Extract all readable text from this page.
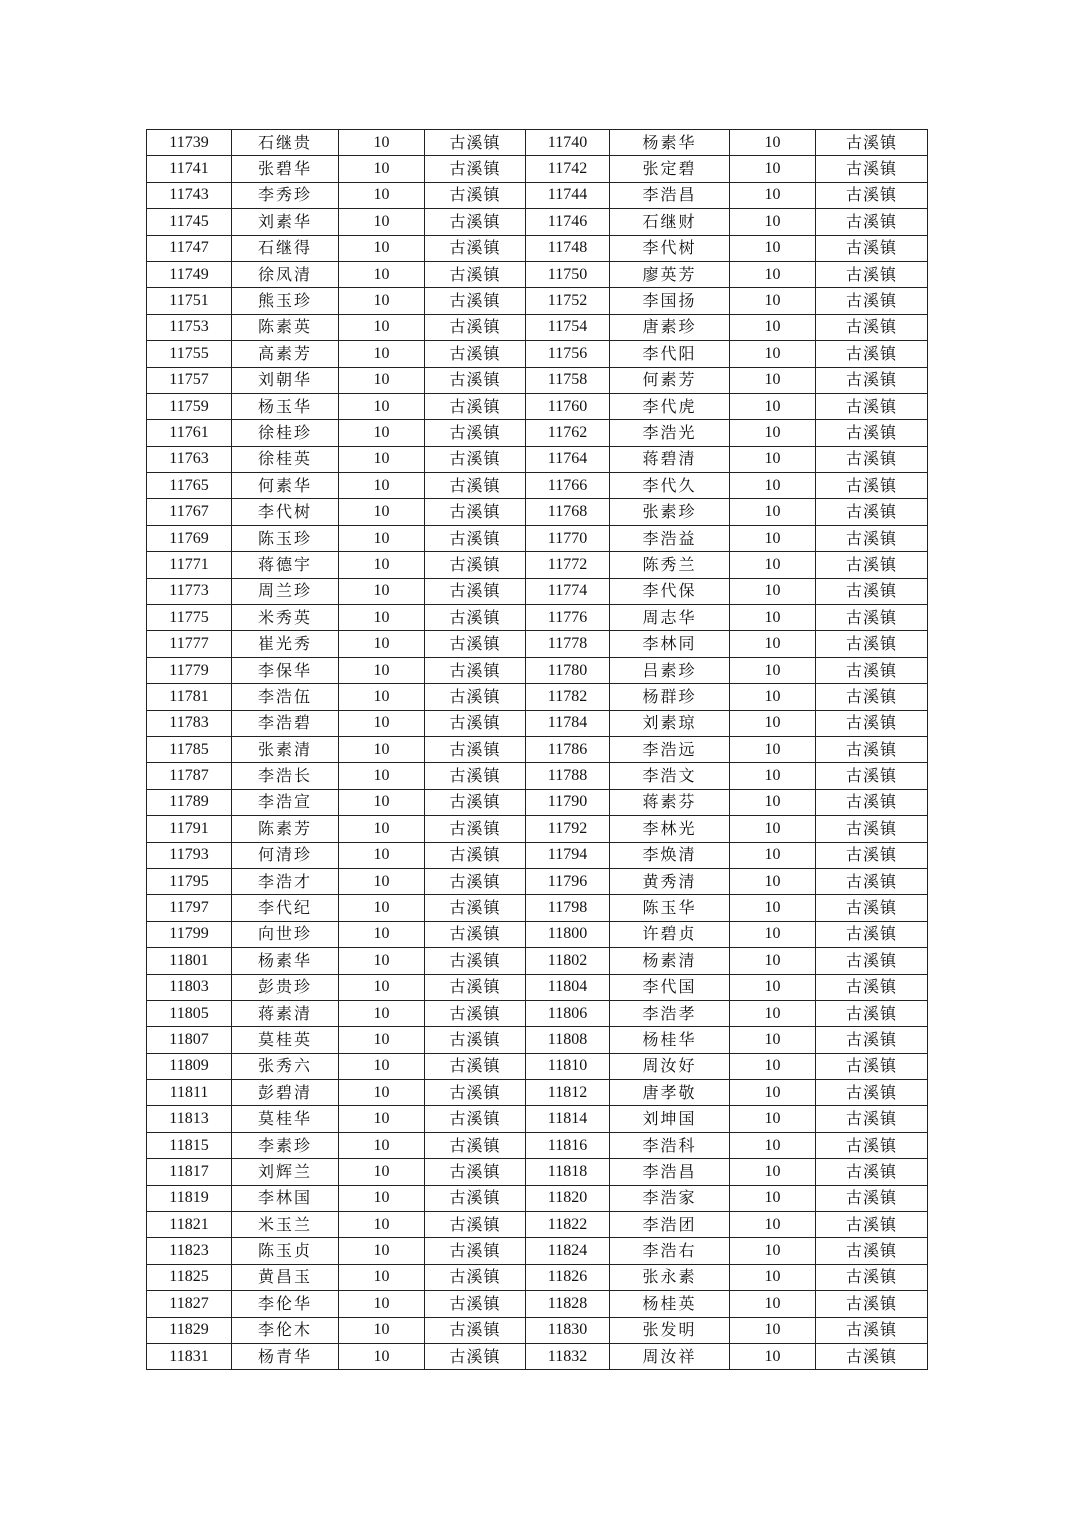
11739	石继贵	10	古溪镇	11740	杨素华	10	古溪镇
11741	张碧华	10	古溪镇	11742	张定碧	10	古溪镇
11743	李秀珍	10	古溪镇	11744	李浩昌	10	古溪镇
11745	刘素华	10	古溪镇	11746	石继财	10	古溪镇
11747	石继得	10	古溪镇	11748	李代树	10	古溪镇
11749	徐凤清	10	古溪镇	11750	廖英芳	10	古溪镇
11751	熊玉珍	10	古溪镇	11752	李国扬	10	古溪镇
11753	陈素英	10	古溪镇	11754	唐素珍	10	古溪镇
11755	高素芳	10	古溪镇	11756	李代阳	10	古溪镇
11757	刘朝华	10	古溪镇	11758	何素芳	10	古溪镇
11759	杨玉华	10	古溪镇	11760	李代虎	10	古溪镇
11761	徐桂珍	10	古溪镇	11762	李浩光	10	古溪镇
11763	徐桂英	10	古溪镇	11764	蒋碧清	10	古溪镇
11765	何素华	10	古溪镇	11766	李代久	10	古溪镇
11767	李代树	10	古溪镇	11768	张素珍	10	古溪镇
11769	陈玉珍	10	古溪镇	11770	李浩益	10	古溪镇
11771	蒋德宇	10	古溪镇	11772	陈秀兰	10	古溪镇
11773	周兰珍	10	古溪镇	11774	李代保	10	古溪镇
11775	米秀英	10	古溪镇	11776	周志华	10	古溪镇
11777	崔光秀	10	古溪镇	11778	李林同	10	古溪镇
11779	李保华	10	古溪镇	11780	吕素珍	10	古溪镇
11781	李浩伍	10	古溪镇	11782	杨群珍	10	古溪镇
11783	李浩碧	10	古溪镇	11784	刘素琼	10	古溪镇
11785	张素清	10	古溪镇	11786	李浩远	10	古溪镇
11787	李浩长	10	古溪镇	11788	李浩文	10	古溪镇
11789	李浩宣	10	古溪镇	11790	蒋素芬	10	古溪镇
11791	陈素芳	10	古溪镇	11792	李林光	10	古溪镇
11793	何清珍	10	古溪镇	11794	李焕清	10	古溪镇
11795	李浩才	10	古溪镇	11796	黄秀清	10	古溪镇
11797	李代纪	10	古溪镇	11798	陈玉华	10	古溪镇
11799	向世珍	10	古溪镇	11800	许碧贞	10	古溪镇
11801	杨素华	10	古溪镇	11802	杨素清	10	古溪镇
11803	彭贵珍	10	古溪镇	11804	李代国	10	古溪镇
11805	蒋素清	10	古溪镇	11806	李浩孝	10	古溪镇
11807	莫桂英	10	古溪镇	11808	杨桂华	10	古溪镇
11809	张秀六	10	古溪镇	11810	周汝好	10	古溪镇
11811	彭碧清	10	古溪镇	11812	唐孝敬	10	古溪镇
11813	莫桂华	10	古溪镇	11814	刘坤国	10	古溪镇
11815	李素珍	10	古溪镇	11816	李浩科	10	古溪镇
11817	刘辉兰	10	古溪镇	11818	李浩昌	10	古溪镇
11819	李林国	10	古溪镇	11820	李浩家	10	古溪镇
11821	米玉兰	10	古溪镇	11822	李浩团	10	古溪镇
11823	陈玉贞	10	古溪镇	11824	李浩右	10	古溪镇
11825	黄昌玉	10	古溪镇	11826	张永素	10	古溪镇
11827	李伦华	10	古溪镇	11828	杨桂英	10	古溪镇
11829	李伦木	10	古溪镇	11830	张发明	10	古溪镇
11831	杨青华	10	古溪镇	11832	周汝祥	10	古溪镇
